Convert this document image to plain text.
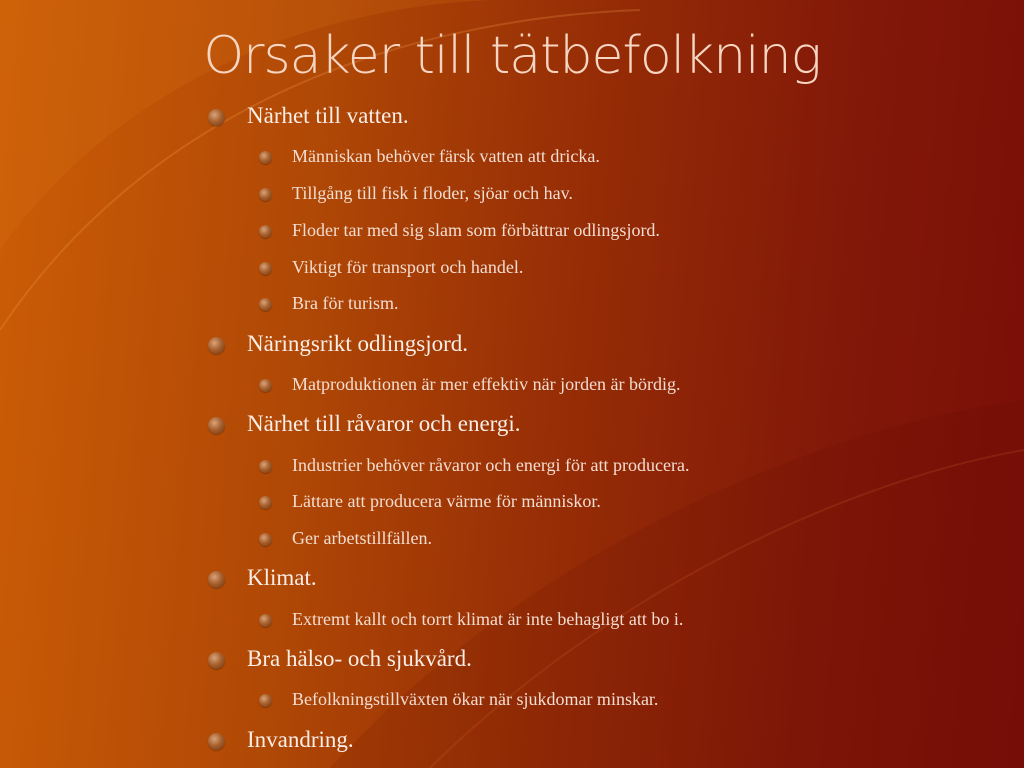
Orsaker till tätbefolkning
Närhet till vatten.
Människan behöver färsk vatten att dricka.
Tillgång till fisk i floder, sjöar och hav.
Floder tar med sig slam som förbättrar odlingsjord.
Viktigt för transport och handel.
Bra för turism.
Näringsrikt odlingsjord.
Matproduktionen är mer effektiv när jorden är bördig.
Närhet till råvaror och energi.
Industrier behöver råvaror och energi för att producera.
Lättare att producera värme för människor.
Ger arbetstillfällen.
Klimat.
Extremt kallt och torrt klimat är inte behagligt att bo i.
Bra hälso- och sjukvård.
Befolkningstillväxten ökar när sjukdomar minskar.
Invandring.
